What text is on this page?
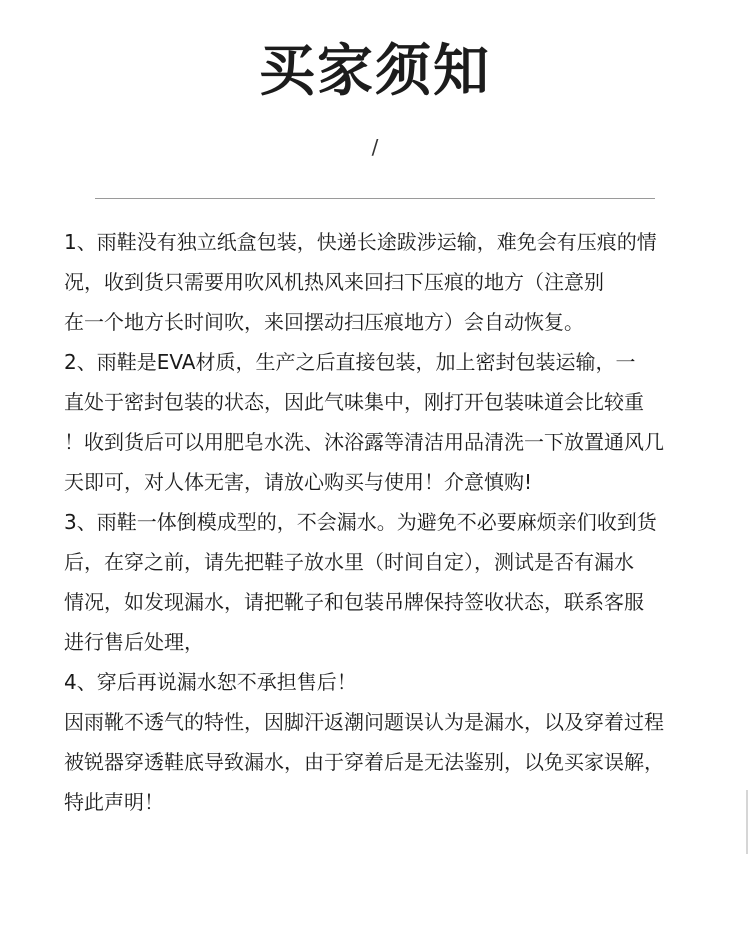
买家须知
/
1、雨鞋没有独立纸盒包装，快递长途跋涉运输，难免会有压痕的情
况，收到货只需要用吹风机热风来回扫下压痕的地方（注意别
在一个地方长时间吹，来回摆动扫压痕地方）会自动恢复。
2、雨鞋是EVA材质，生产之后直接包装，加上密封包装运输，一
直处于密封包装的状态，因此气味集中，刚打开包装味道会比较重
！收到货后可以用肥皂水洗、沐浴露等清洁用品清洗一下放置通风几
天即可，对人体无害，请放心购买与使用！介意慎购!
3、雨鞋一体倒模成型的，不会漏水。为避免不必要麻烦亲们收到货
后，在穿之前，请先把鞋子放水里（时间自定），测试是否有漏水
情况，如发现漏水，请把靴子和包装吊牌保持签收状态，联系客服
进行售后处理，
4、穿后再说漏水恕不承担售后！
因雨靴不透气的特性，因脚汗返潮问题误认为是漏水，以及穿着过程
被锐器穿透鞋底导致漏水，由于穿着后是无法鉴别，以免买家误解，
特此声明！
